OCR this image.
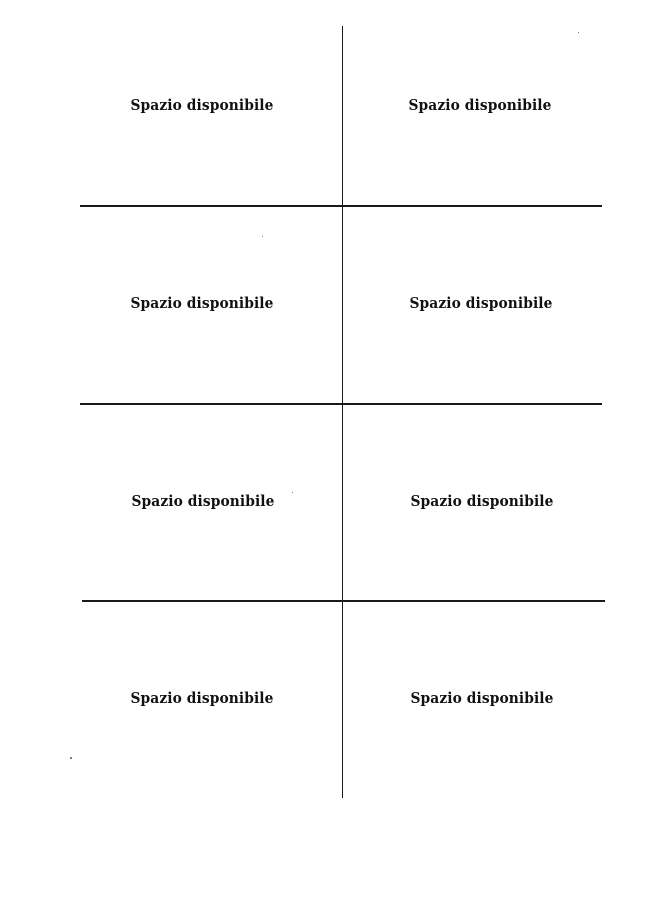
Spazio disponibile	Spazio disponibile
Spazio disponibile	Spazio disponibile
Spazio disponibile	Spazio disponibile
Spazio disponibile	Spazio disponibile
